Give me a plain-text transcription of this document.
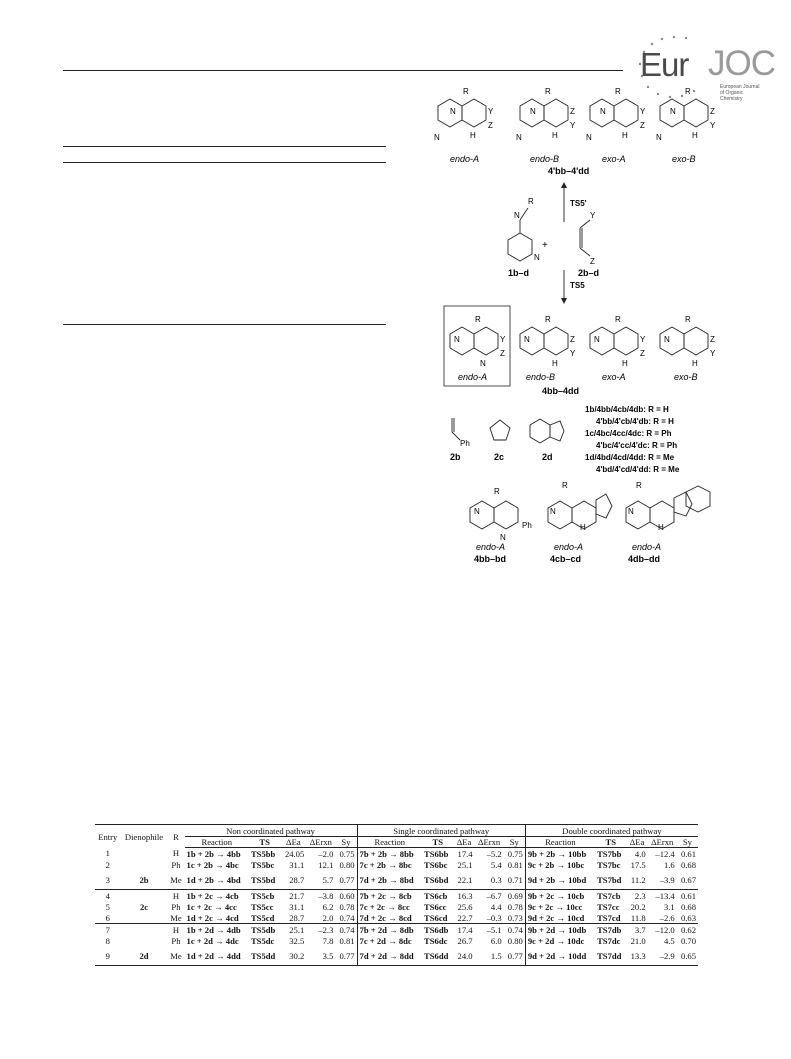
Eur JOC
European Journal
of Organic Chemistry
R
N	Y
Z
N	H
endo-A
R
N	Z
Y
N	H
endo-B
R
N	Y
Z
N	H
exo-A
R
N	Z
Y
N	H
exo-B
4'bb–4'dd
TS5'
N
R
N
+
Y
Z
1b–d	2b–d
TS5
R
N	Y
Z
N
endo-A
R
N	Z
Y
H
endo-B
R
N	Y
Z
H
exo-A
R
N	Z
Y
H
exo-B
4bb–4dd
Ph
2b	2c	2d
1b/4bb/4cb/4db: R = H
4'bb/4'cb/4'db: R = H
1c/4bc/4cc/4dc: R = Ph
4'bc/4'cc/4'dc: R = Ph
1d/4bd/4cd/4dd: R = Me
4'bd/4'cd/4'dd: R = Me
R
N
Ph
N
endo-A
4bb–bd
R
N
H
endo-A
4cb–cd
R
N
H
endo-A
4db–dd
Entry	Dienophile	R	Non coordinated pathway					Single coordinated pathway					Double coordinated pathway				
			Reaction	TS	ΔEa	ΔErxn	Sy	Reaction	TS	ΔEa	ΔErxn	Sy	Reaction	TS	ΔEa	ΔErxn	Sy
1		H	1b + 2b → 4bb	TS5bb	24.05	–2.0	0.75	7b + 2b → 8bb	TS6bb	17.4	–5.2	0.75	9b + 2b → 10bb	TS7bb	4.0	–12.4	0.61
2		Ph	1c + 2b → 4bc	TS5bc	31.1	12.1	0.80	7c + 2b → 8bc	TS6bc	25.1	5.4	0.81	9c + 2b → 10bc	TS7bc	17.5	1.6	0.68
3	2b	Me	1d + 2b → 4bd	TS5bd	28.7	5.7	0.77	7d + 2b → 8bd	TS6bd	22.1	0.3	0.71	9d + 2b → 10bd	TS7bd	11.2	–3.9	0.67
4		H	1b + 2c → 4cb	TS5cb	21.7	–3.8	0.60	7b + 2c → 8cb	TS6cb	16.3	–6.7	0.69	9b + 2c → 10cb	TS7cb	2.3	–13.4	0.61
5	2c	Ph	1c + 2c → 4cc	TS5cc	31.1	6.2	0.78	7c + 2c → 8cc	TS6cc	25.6	4.4	0.78	9c + 2c → 10cc	TS7cc	20.2	3.1	0.68
6		Me	1d + 2c → 4cd	TS5cd	28.7	2.0	0.74	7d + 2c → 8cd	TS6cd	22.7	–0.3	0.73	9d + 2c → 10cd	TS7cd	11.8	–2.6	0.63
7		H	1b + 2d → 4db	TS5db	25.1	–2.3	0.74	7b + 2d → 8db	TS6db	17.4	–5.1	0.74	9b + 2d → 10db	TS7db	3.7	–12.0	0.62
8		Ph	1c + 2d → 4dc	TS5dc	32.5	7.8	0.81	7c + 2d → 8dc	TS6dc	26.7	6.0	0.80	9c + 2d → 10dc	TS7dc	21.0	4.5	0.70
9	2d	Me	1d + 2d → 4dd	TS5dd	30.2	3.5	0.77	7d + 2d → 8dd	TS6dd	24.0	1.5	0.77	9d + 2d → 10dd	TS7dd	13.3	–2.9	0.65
